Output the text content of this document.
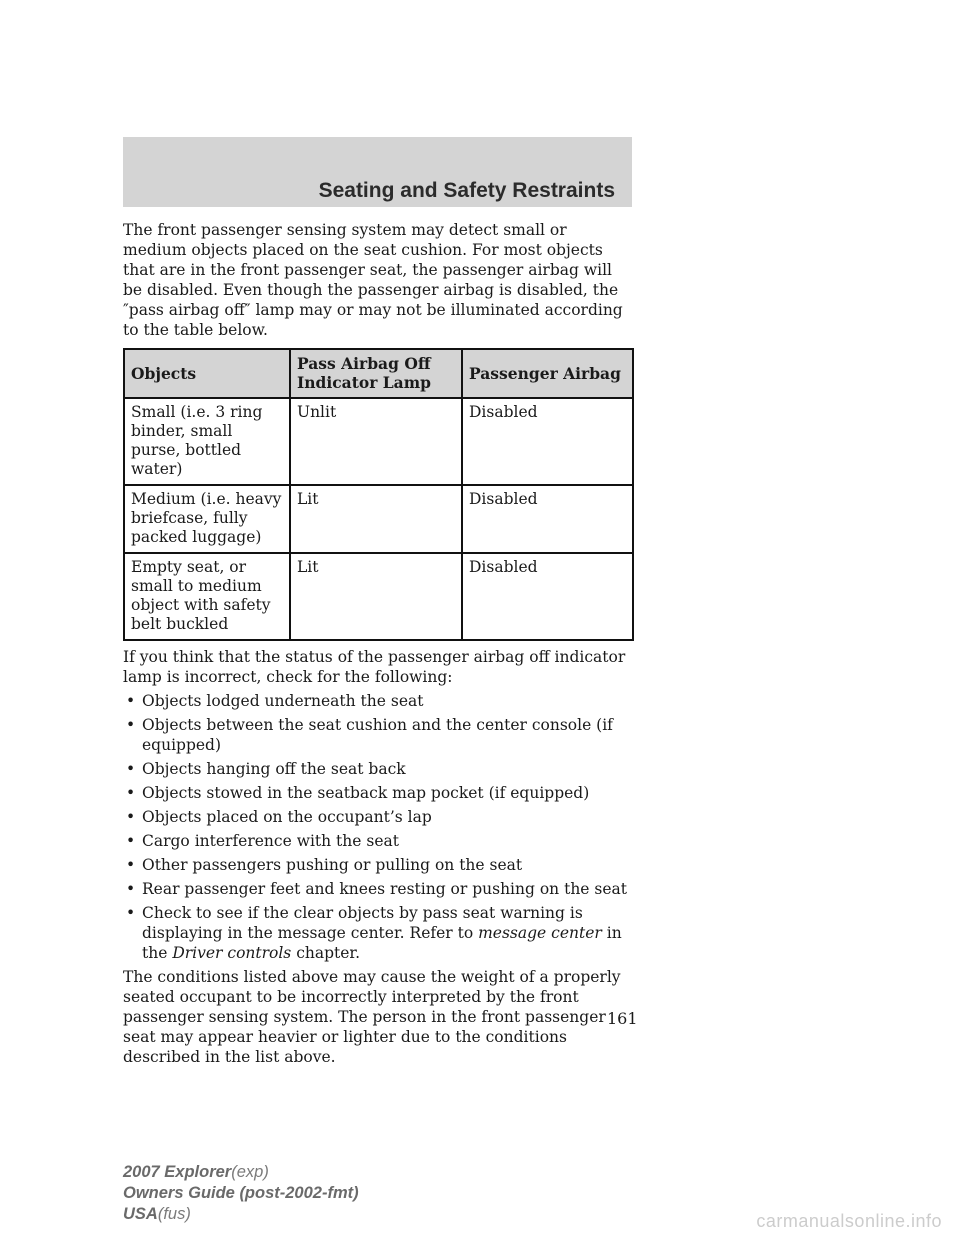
Seating and Safety Restraints

The front passenger sensing system may detect small or medium objects placed on the seat cushion. For most objects that are in the front passenger seat, the passenger airbag will be disabled. Even though the passenger airbag is disabled, the ″pass airbag off″ lamp may or may not be illuminated according to the table below.

Objects	Pass Airbag Off Indicator Lamp	Passenger Airbag
Small (i.e. 3 ring binder, small purse, bottled water)	Unlit	Disabled
Medium (i.e. heavy briefcase, fully packed luggage)	Lit	Disabled
Empty seat, or small to medium object with safety belt buckled	Lit	Disabled

If you think that the status of the passenger airbag off indicator lamp is incorrect, check for the following:

• Objects lodged underneath the seat
• Objects between the seat cushion and the center console (if equipped)
• Objects hanging off the seat back
• Objects stowed in the seatback map pocket (if equipped)
• Objects placed on the occupant’s lap
• Cargo interference with the seat
• Other passengers pushing or pulling on the seat
• Rear passenger feet and knees resting or pushing on the seat
• Check to see if the clear objects by pass seat warning is displaying in the message center. Refer to message center in the Driver controls chapter.

The conditions listed above may cause the weight of a properly seated occupant to be incorrectly interpreted by the front passenger sensing system. The person in the front passenger seat may appear heavier or lighter due to the conditions described in the list above.

161
2007 Explorer(exp)
Owners Guide (post-2002-fmt)
USA(fus)	carmanualsonline.info
